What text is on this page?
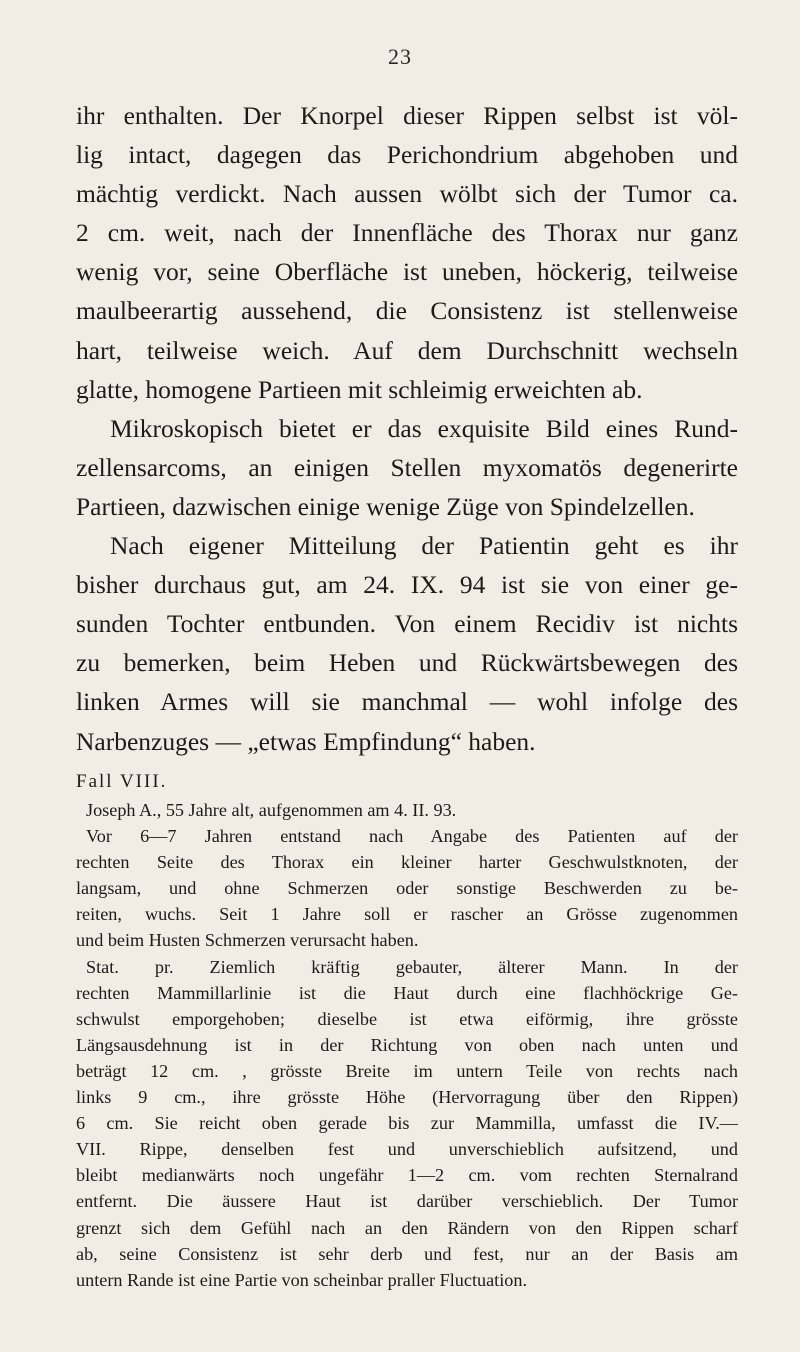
23
ihr enthalten. Der Knorpel dieser Rippen selbst ist völ-
lig intact, dagegen das Perichondrium abgehoben und
mächtig verdickt. Nach aussen wölbt sich der Tumor ca.
2 cm. weit, nach der Innenfläche des Thorax nur ganz
wenig vor, seine Oberfläche ist uneben, höckerig, teilweise
maulbeerartig aussehend, die Consistenz ist stellenweise
hart, teilweise weich. Auf dem Durchschnitt wechseln
glatte, homogene Partieen mit schleimig erweichten ab.
Mikroskopisch bietet er das exquisite Bild eines Rund-
zellensarcoms, an einigen Stellen myxomatös degenerirte
Partieen, dazwischen einige wenige Züge von Spindelzellen.
Nach eigener Mitteilung der Patientin geht es ihr
bisher durchaus gut, am 24. IX. 94 ist sie von einer ge-
sunden Tochter entbunden. Von einem Recidiv ist nichts
zu bemerken, beim Heben und Rückwärtsbewegen des
linken Armes will sie manchmal — wohl infolge des
Narbenzuges — „etwas Empfindung“ haben.
Fall VIII.
Joseph A., 55 Jahre alt, aufgenommen am 4. II. 93.
Vor 6—7 Jahren entstand nach Angabe des Patienten auf der
rechten Seite des Thorax ein kleiner harter Geschwulstknoten, der
langsam, und ohne Schmerzen oder sonstige Beschwerden zu be-
reiten, wuchs. Seit 1 Jahre soll er rascher an Grösse zugenommen
und beim Husten Schmerzen verursacht haben.
Stat. pr. Ziemlich kräftig gebauter, älterer Mann. In der
rechten Mammillarlinie ist die Haut durch eine flachhöckrige Ge-
schwulst emporgehoben; dieselbe ist etwa eiförmig, ihre grösste
Längsausdehnung ist in der Richtung von oben nach unten und
beträgt 12 cm. , grösste Breite im untern Teile von rechts nach
links 9 cm., ihre grösste Höhe (Hervorragung über den Rippen)
6 cm. Sie reicht oben gerade bis zur Mammilla, umfasst die IV.—
VII. Rippe, denselben fest und unverschieblich aufsitzend, und
bleibt medianwärts noch ungefähr 1—2 cm. vom rechten Sternalrand
entfernt. Die äussere Haut ist darüber verschieblich. Der Tumor
grenzt sich dem Gefühl nach an den Rändern von den Rippen scharf
ab, seine Consistenz ist sehr derb und fest, nur an der Basis am
untern Rande ist eine Partie von scheinbar praller Fluctuation.
